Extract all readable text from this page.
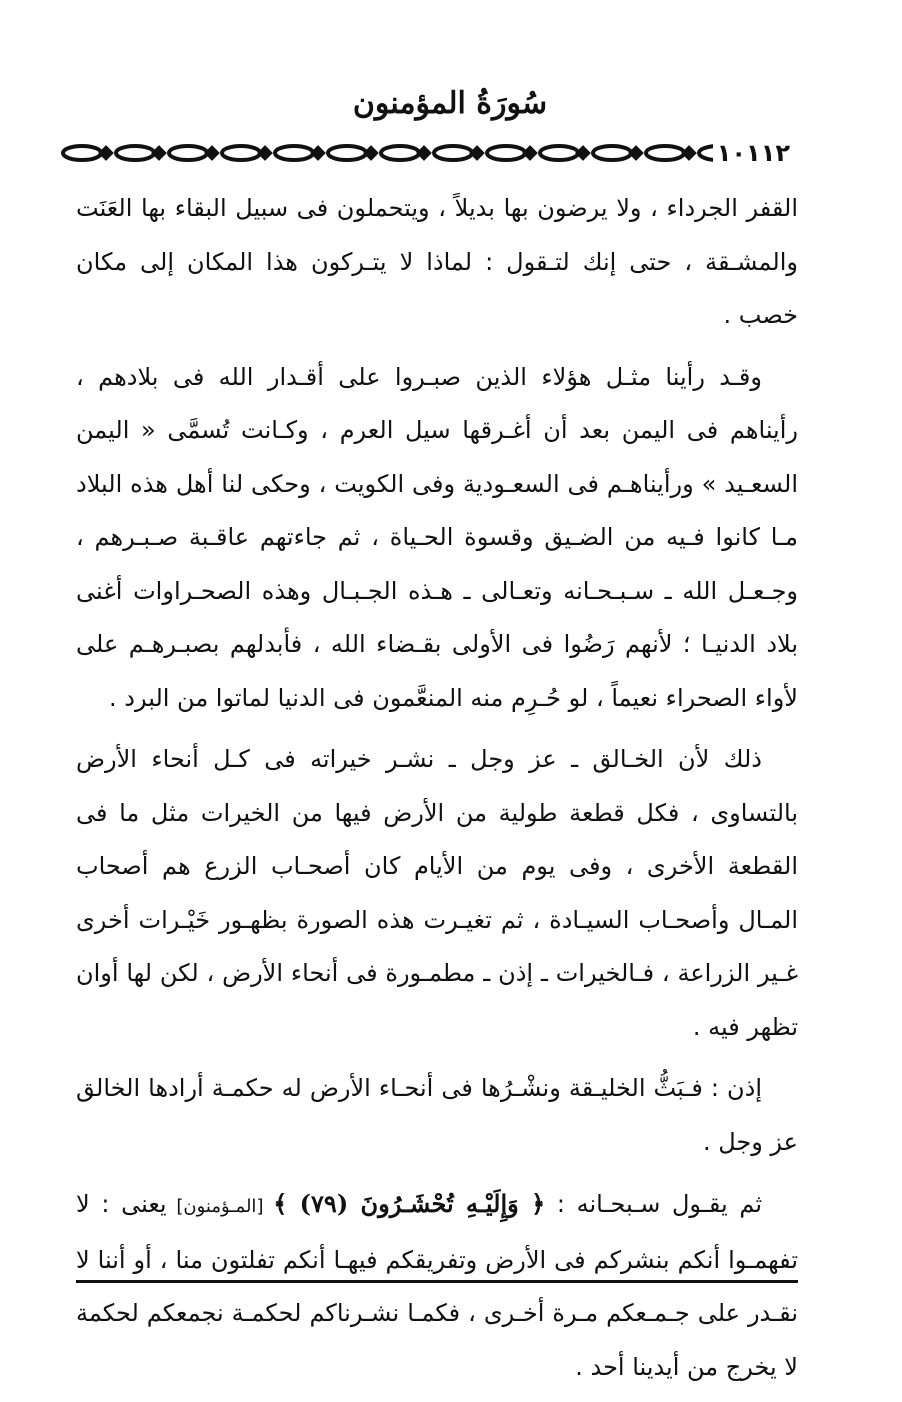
سُورَةُ المؤمنون
١٠١١٢

القفر الجرداء ، ولا يرضون بها بديلاً ، ويتحملون فى سبيل البقاء بها العَنَت والمشـقة ، حتى إنك لتـقول : لماذا لا يتـركون هذا المكان إلى مكان خصب .

وقـد رأينا مثـل هؤلاء الذين صبـروا على أقـدار الله فى بلادهم ، رأيناهم فى اليمن بعد أن أغـرقها سيل العرم ، وكـانت تُسمَّى « اليمن السعـيد » ورأيناهـم فى السعـودية وفى الكويت ، وحكى لنا أهل هذه البلاد مـا كانوا فـيه من الضـيق وقسوة الحـياة ، ثم جاءتهم عاقـبة صـبـرهم ، وجـعـل الله ـ سـبـحـانه وتعـالى ـ هـذه الجـبـال وهذه الصحـراوات أغنى بلاد الدنيـا ؛ لأنهم رَضُوا فى الأولى بقـضاء الله ، فأبدلهم بصبـرهـم على لأواء الصحراء نعيماً ، لو حُـرِم منه المنعَّمون فى الدنيا لماتوا من البرد .

ذلك لأن الخـالق ـ عز وجل ـ نشـر خيراته فى كـل أنحاء الأرض بالتساوى ، فكل قطعة طولية من الأرض فيها من الخيرات مثل ما فى القطعة الأخرى ، وفى يوم من الأيام كان أصحـاب الزرع هم أصحاب المـال وأصحـاب السيـادة ، ثم تغيـرت هذه الصورة بظهـور خَيْـرات أخرى غـير الزراعة ، فـالخيرات ـ إذن ـ مطمـورة فى أنحاء الأرض ، لكن لها أوان تظهر فيه .

إذن : فـبَثُّ الخليـقة ونشْـرُها فى أنحـاء الأرض له حكمـة أرادها الخالق عز وجل .

ثم يقـول سـبحـانه : ﴿ وَإِلَيْـهِ تُحْشَـرُونَ (٧٩) ﴾ [المـؤمنون] يعنى : لا تفهمـوا أنكم بنشركم فى الأرض وتفريقكم فيهـا أنكم تفلتون منا ، أو أننا لا نقـدر على جـمـعكم مـرة أخـرى ، فكمـا نشـرناكم لحكمـة نجمعكم لحكمة لا يخرج من أيدينا أحد .
